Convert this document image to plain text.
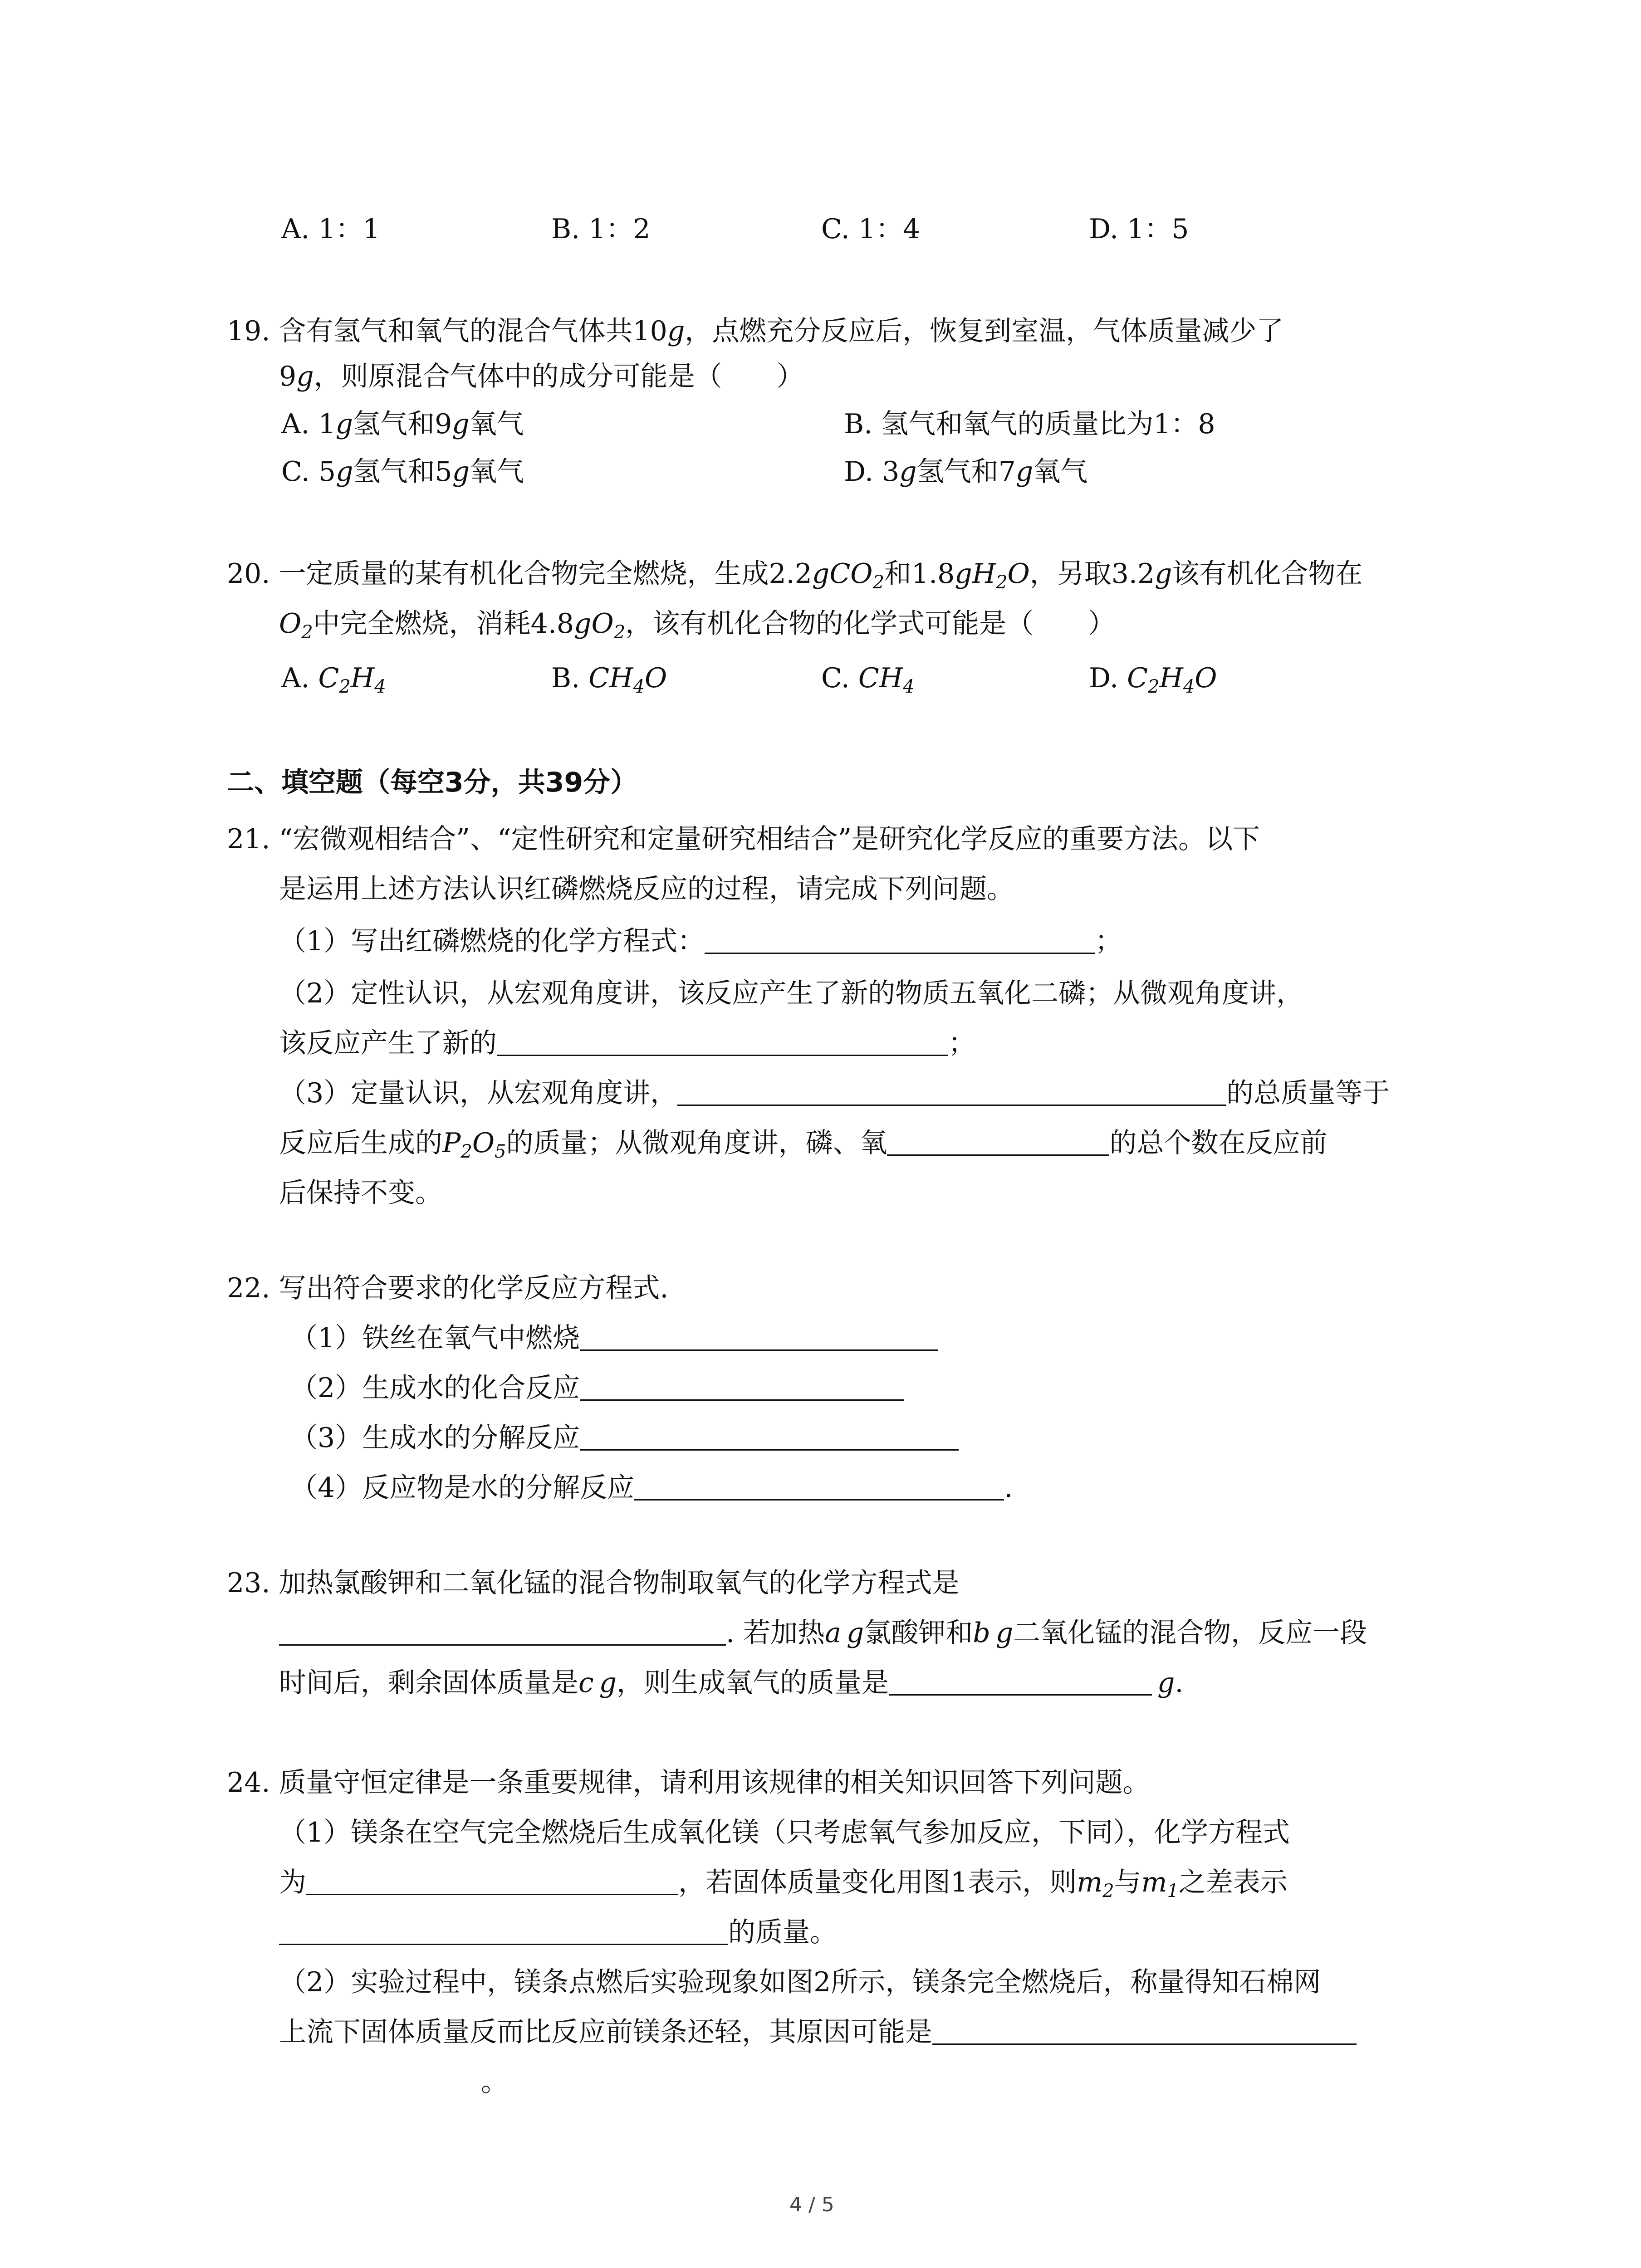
A. 1：1	B. 1：2	C. 1：4	D. 1：5
19. 含有氢气和氧气的混合气体共10g，点燃充分反应后，恢复到室温，气体质量减少了
9g，则原混合气体中的成分可能是（　　）
A. 1g氢气和9g氧气	B. 氢气和氧气的质量比为1：8
C. 5g氢气和5g氧气	D. 3g氢气和7g氧气
20. 一定质量的某有机化合物完全燃烧，生成2.2gCO$_2$和$1.8gH_2O$，另取3.2g该有机化合物在
$O_2$中完全燃烧，消耗$4.8gO_2$，该有机化合物的化学式可能是（　　）
A. $C_2H_4$	B. $CH_4O$	C. $CH_4$	D. $C_2H_4O$
二、填空题（每空3分，共39分）
21. “宏微观相结合”、“定性研究和定量研究相结合”是研究化学反应的重要方法。以下
是运用上述方法认识红磷燃烧反应的过程，请完成下列问题。
（1）写出红磷燃烧的化学方程式：	；
（2）定性认识，从宏观角度讲，该反应产生了新的物质五氧化二磷；从微观角度讲，
该反应产生了新的	；
（3）定量认识，从宏观角度讲，	的总质量等于
反应后生成的$P_2O_5$的质量；从微观角度讲，磷、氧	的总个数在反应前
后保持不变。
22. 写出符合要求的化学反应方程式.
（1）铁丝在氧气中燃烧
（2）生成水的化合反应
（3）生成水的分解反应
（4）反应物是水的分解反应	.
23. 加热氯酸钾和二氧化锰的混合物制取氧气的化学方程式是
. 若加热a  g氯酸钾和b  g二氧化锰的混合物，反应一段
时间后，剩余固体质量是c  g，则生成氧气的质量是 	g.
24. 质量守恒定律是一条重要规律，请利用该规律的相关知识回答下列问题。
（1）镁条在空气完全燃烧后生成氧化镁（只考虑氧气参加反应，下同），化学方程式
为	，若固体质量变化用图1表示，则$m_2$与$m_1$之差表示
的质量。
（2）实验过程中，镁条点燃后实验现象如图2所示，镁条完全燃烧后，称量得知石棉网
上流下固体质量反而比反应前镁条还轻，其原因可能是
。
4 / 5
